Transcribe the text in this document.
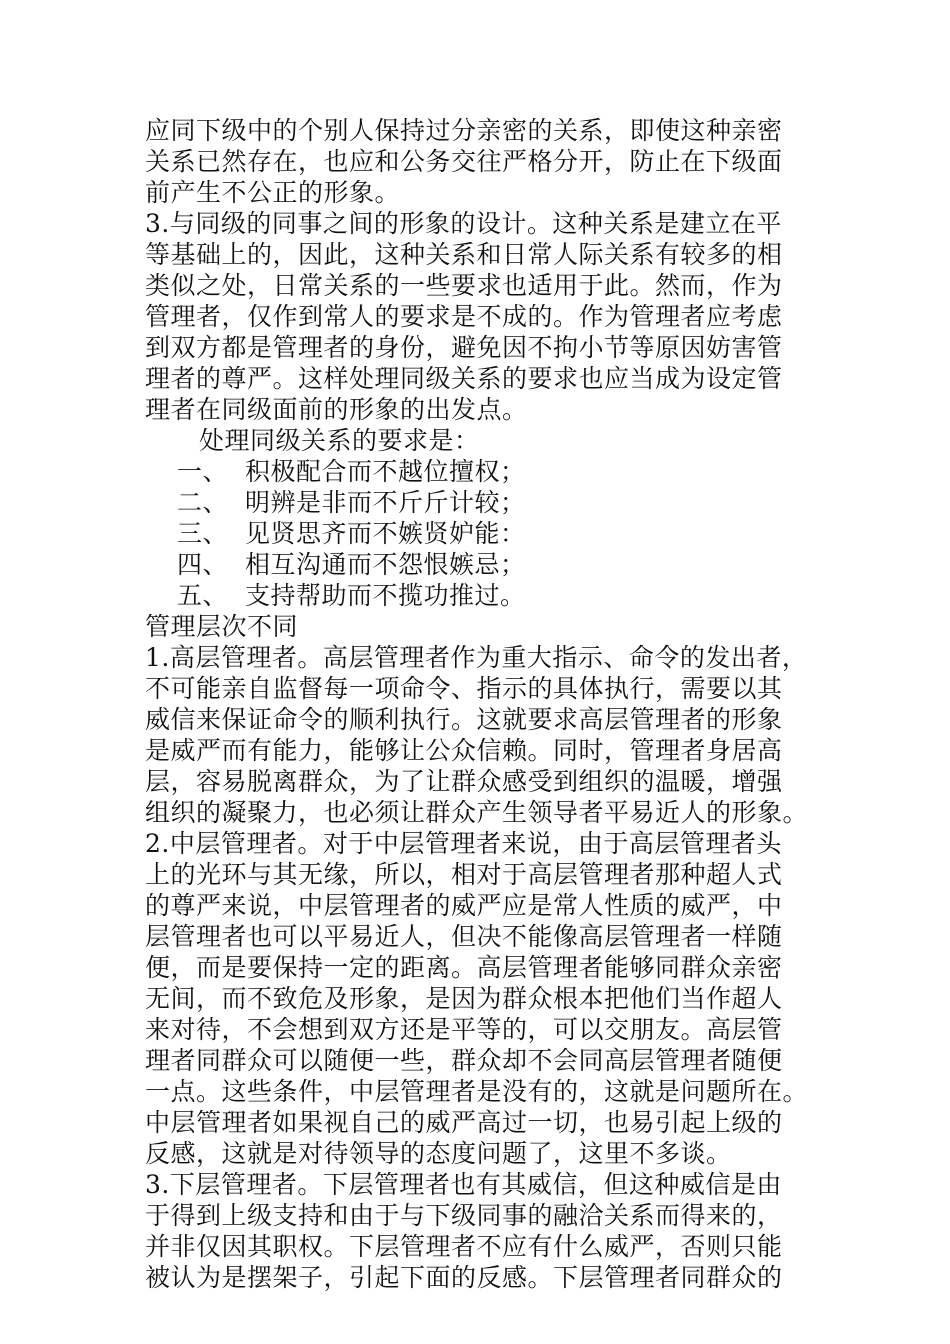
应同下级中的个别人保持过分亲密的关系，即使这种亲密
关系已然存在，也应和公务交往严格分开，防止在下级面
前产生不公正的形象。
3.与同级的同事之间的形象的设计。这种关系是建立在平
等基础上的，因此，这种关系和日常人际关系有较多的相
类似之处，日常关系的一些要求也适用于此。然而，作为
管理者，仅作到常人的要求是不成的。作为管理者应考虑
到双方都是管理者的身份，避免因不拘小节等原因妨害管
理者的尊严。这样处理同级关系的要求也应当成为设定管
理者在同级面前的形象的出发点。
处理同级关系的要求是：
一、 积极配合而不越位擅权；
二、 明辨是非而不斤斤计较；
三、 见贤思齐而不嫉贤妒能：
四、 相互沟通而不怨恨嫉忌；
五、 支持帮助而不揽功推过。
管理层次不同
1.高层管理者。高层管理者作为重大指示、命令的发出者，
不可能亲自监督每一项命令、指示的具体执行，需要以其
威信来保证命令的顺利执行。这就要求高层管理者的形象
是威严而有能力，能够让公众信赖。同时，管理者身居高
层，容易脱离群众，为了让群众感受到组织的温暖，增强
组织的凝聚力，也必须让群众产生领导者平易近人的形象。
2.中层管理者。对于中层管理者来说，由于高层管理者头
上的光环与其无缘，所以，相对于高层管理者那种超人式
的尊严来说，中层管理者的威严应是常人性质的威严，中
层管理者也可以平易近人，但决不能像高层管理者一样随
便，而是要保持一定的距离。高层管理者能够同群众亲密
无间，而不致危及形象，是因为群众根本把他们当作超人
来对待，不会想到双方还是平等的，可以交朋友。高层管
理者同群众可以随便一些，群众却不会同高层管理者随便
一点。这些条件，中层管理者是没有的，这就是问题所在。
中层管理者如果视自己的威严高过一切，也易引起上级的
反感，这就是对待领导的态度问题了，这里不多谈。
3.下层管理者。下层管理者也有其威信，但这种威信是由
于得到上级支持和由于与下级同事的融洽关系而得来的，
并非仅因其职权。下层管理者不应有什么威严，否则只能
被认为是摆架子，引起下面的反感。下层管理者同群众的
